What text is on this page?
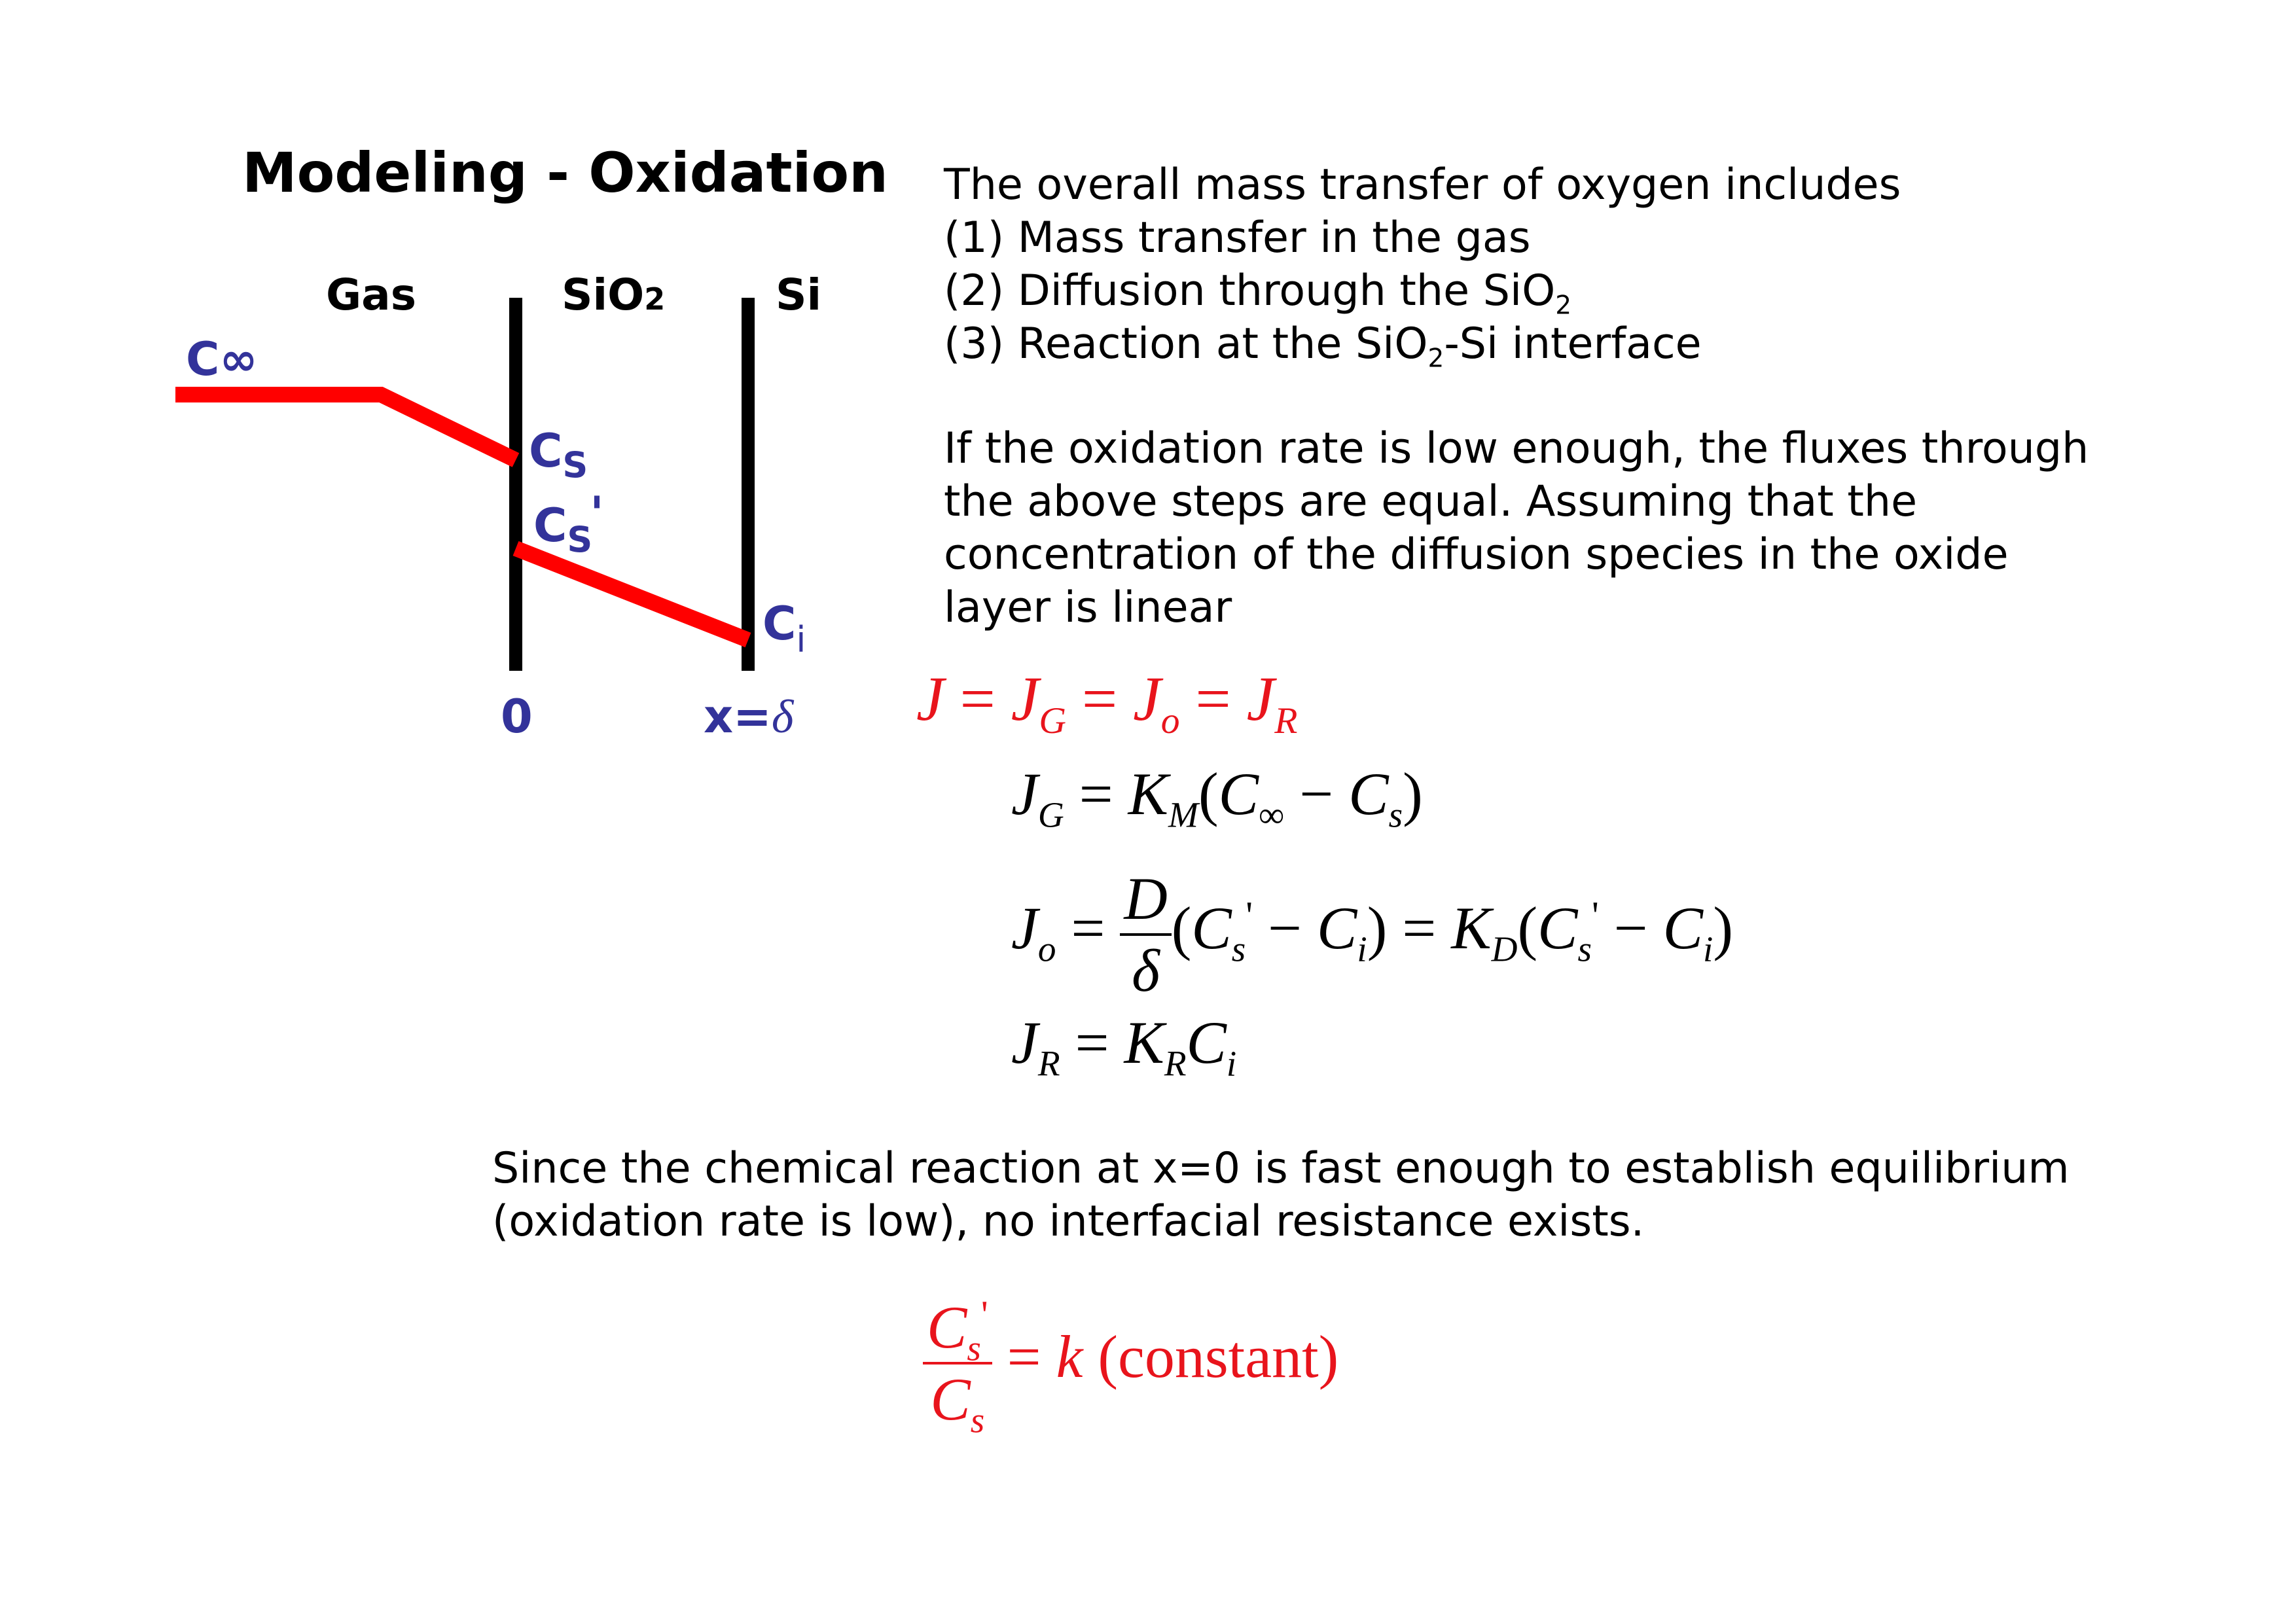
Modeling - Oxidation
Gas	SiO2	Si
C∞
$C_S$
$C_S'$
$C_i$
0	x=δ
The overall mass transfer of oxygen includes
(1) Mass transfer in the gas
(2) Diffusion through the SiO$_2$
(3) Reaction at the SiO$_2$-Si interface
If the oxidation rate is low enough, the fluxes through
the above steps are equal. Assuming that the
concentration of the diffusion species in the oxide
layer is linear
$J = J_G = J_o = J_R$
$J_G = K_M(C_\infty - C_s)$
$J_o = \frac{D}{\delta} (C_s' - C_i) = K_D(C_s' - C_i)$
$J_R = K_RC_i$
Since the chemical reaction at x=0 is fast enough to establish equilibrium
(oxidation rate is low), no interfacial resistance exists.
$\frac{C_s'}{C_s} = k$ (constant)
